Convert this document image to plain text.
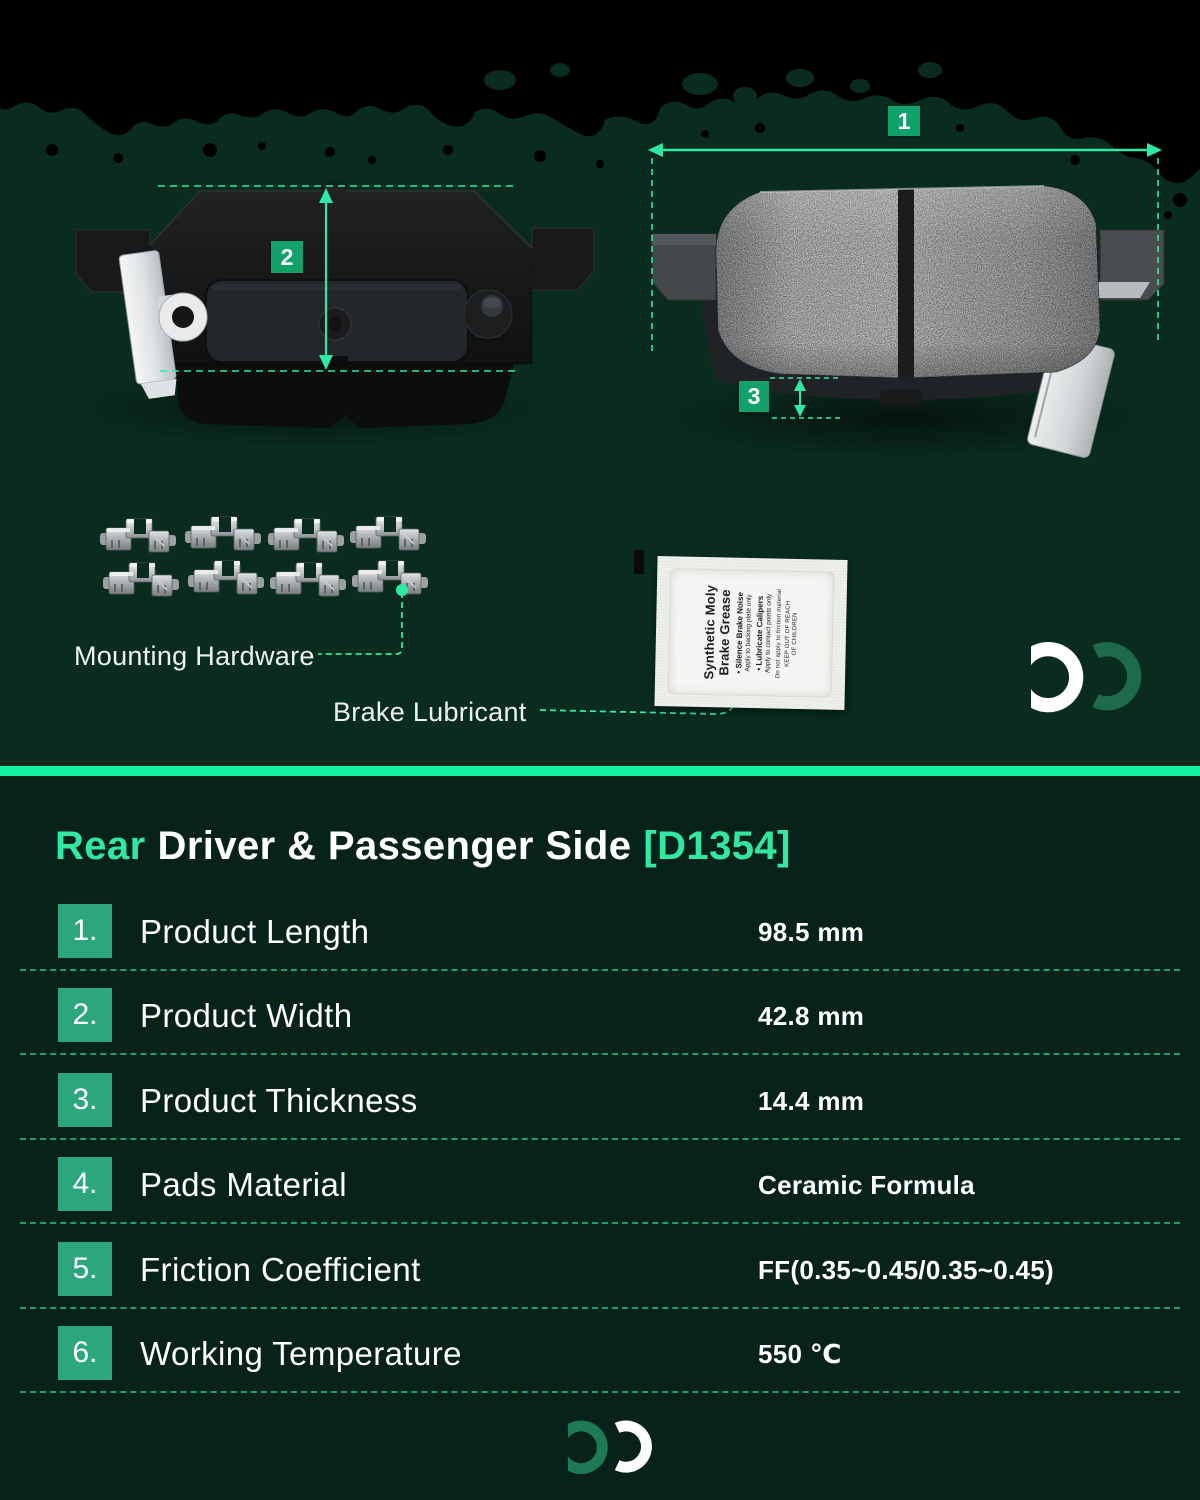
1
2
3
Mounting Hardware
Brake Lubricant
Synthetic Moly
Brake Grease • Silence Brake Noise Apply to backing plate only • Lubricate Calipers Apply to contact points only Do not apply to friction material KEEP OUT OF REACH OF CHILDREN
Rear Driver & Passenger Side [D1354]
1.	Product Length	98.5 mm
2.	Product Width	42.8 mm
3.	Product Thickness	14.4 mm
4.	Pads Material	Ceramic Formula
5.	Friction Coefficient	FF(0.35~0.45/0.35~0.45)
6.	Working Temperature	550 ℃
